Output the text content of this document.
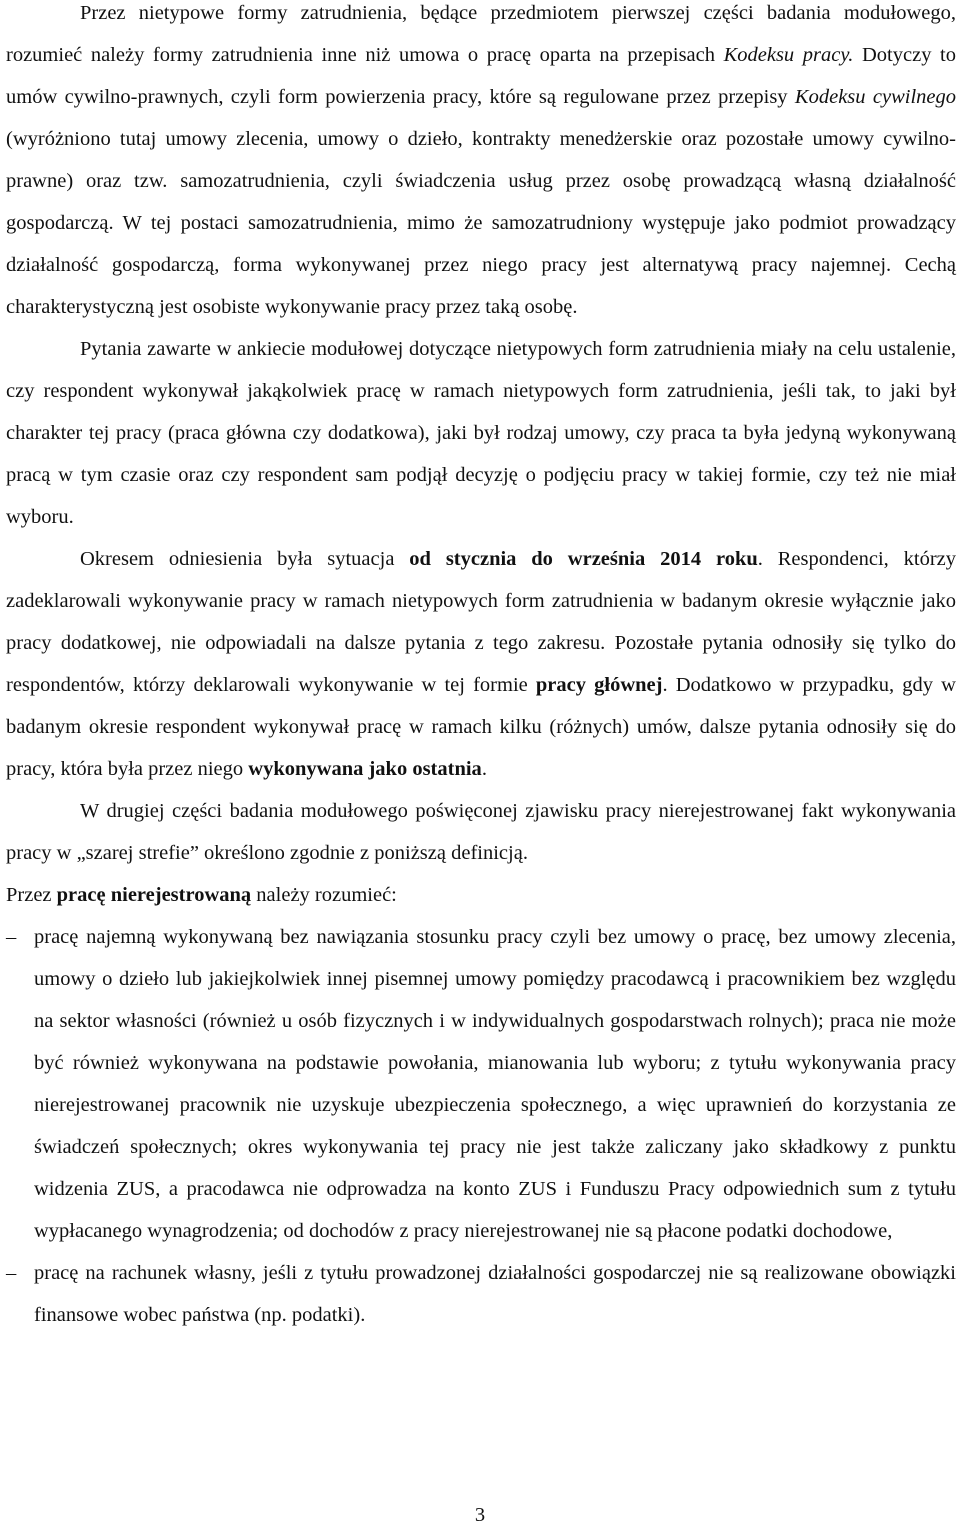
Przez nietypowe formy zatrudnienia, będące przedmiotem pierwszej części badania modułowego, rozumieć należy formy zatrudnienia inne niż umowa o pracę oparta na przepisach Kodeksu pracy. Dotyczy to umów cywilno-prawnych, czyli form powierzenia pracy, które są regulowane przez przepisy Kodeksu cywilnego (wyróżniono tutaj umowy zlecenia, umowy o dzieło, kontrakty menedżerskie oraz pozostałe umowy cywilno-prawne) oraz tzw. samozatrudnienia, czyli świadczenia usług przez osobę prowadzącą własną działalność gospodarczą. W tej postaci samozatrudnienia, mimo że samozatrudniony występuje jako podmiot prowadzący działalność gospodarczą, forma wykonywanej przez niego pracy jest alternatywą pracy najemnej. Cechą charakterystyczną jest osobiste wykonywanie pracy przez taką osobę.

Pytania zawarte w ankiecie modułowej dotyczące nietypowych form zatrudnienia miały na celu ustalenie, czy respondent wykonywał jakąkolwiek pracę w ramach nietypowych form zatrudnienia, jeśli tak, to jaki był charakter tej pracy (praca główna czy dodatkowa), jaki był rodzaj umowy, czy praca ta była jedyną wykonywaną pracą w tym czasie oraz czy respondent sam podjął decyzję o podjęciu pracy w takiej formie, czy też nie miał wyboru.

Okresem odniesienia była sytuacja od stycznia do września 2014 roku. Respondenci, którzy zadeklarowali wykonywanie pracy w ramach nietypowych form zatrudnienia w badanym okresie wyłącznie jako pracy dodatkowej, nie odpowiadali na dalsze pytania z tego zakresu. Pozostałe pytania odnosiły się tylko do respondentów, którzy deklarowali wykonywanie w tej formie pracy głównej. Dodatkowo w przypadku, gdy w badanym okresie respondent wykonywał pracę w ramach kilku (różnych) umów, dalsze pytania odnosiły się do pracy, która była przez niego wykonywana jako ostatnia.

W drugiej części badania modułowego poświęconej zjawisku pracy nierejestrowanej fakt wykonywania pracy w „szarej strefie” określono zgodnie z poniższą definicją.

Przez pracę nierejestrowaną należy rozumieć:

– pracę najemną wykonywaną bez nawiązania stosunku pracy czyli bez umowy o pracę, bez umowy zlecenia, umowy o dzieło lub jakiejkolwiek innej pisemnej umowy pomiędzy pracodawcą i pracownikiem bez względu na sektor własności (również u osób fizycznych i w indywidualnych gospodarstwach rolnych); praca nie może być również wykonywana na podstawie powołania, mianowania lub wyboru; z tytułu wykonywania pracy nierejestrowanej pracownik nie uzyskuje ubezpieczenia społecznego, a więc uprawnień do korzystania ze świadczeń społecznych; okres wykonywania tej pracy nie jest także zaliczany jako składkowy z punktu widzenia ZUS, a pracodawca nie odprowadza na konto ZUS i Funduszu Pracy odpowiednich sum z tytułu wypłacanego wynagrodzenia; od dochodów z pracy nierejestrowanej nie są płacone podatki dochodowe,
– pracę na rachunek własny, jeśli z tytułu prowadzonej działalności gospodarczej nie są realizowane obowiązki finansowe wobec państwa (np. podatki).
3
